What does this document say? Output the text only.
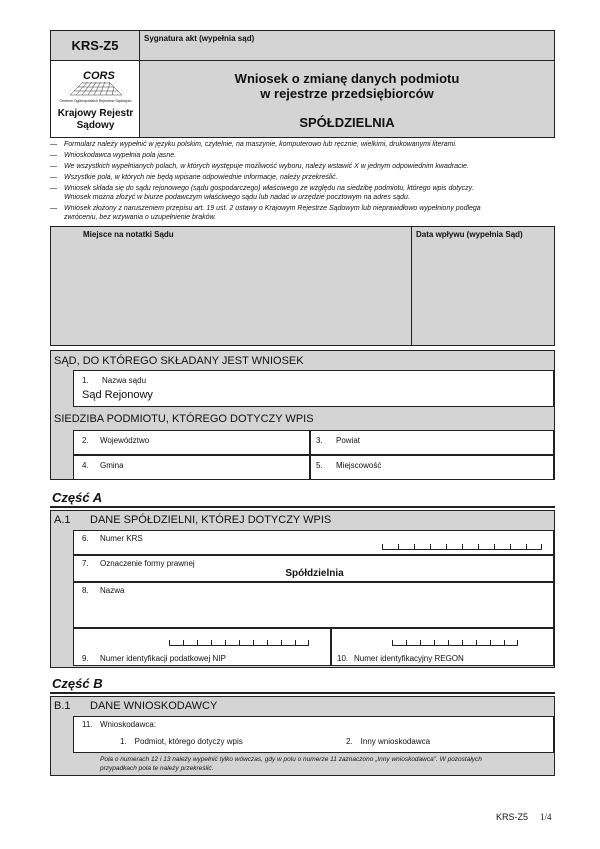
KRS-Z5	Sygnatura akt (wypełnia sąd)
CORS
Centrum Ogólnopolskich Rejestrów Sądowych
Krajowy Rejestr Sądowy
Wniosek o zmianę danych podmiotu
w rejestrze przedsiębiorców
SPÓŁDZIELNIA
—	Formularz należy wypełnić w języku polskim, czytelnie, na maszynie, komputerowo lub ręcznie, wielkimi, drukowanymi literami.
—	Wnioskodawca wypełnia pola jasne.
—	We wszystkich wypełnianych polach, w których występuje możliwość wyboru, należy wstawić X w jednym odpowiednim kwadracie.
—	Wszystkie pola, w których nie będą wpisane odpowiednie informacje, należy przekreślić.
—	Wniosek składa się do sądu rejonowego (sądu gospodarczego) właściwego ze względu na siedzibę podmiotu, którego wpis dotyczy.
Wniosek można złożyć w biurze podawczym właściwego sądu lub nadać w urzędzie pocztowym na adres sądu.
—	Wniosek złożony z naruszeniem przepisu art. 19 ust. 2 ustawy o Krajowym Rejestrze Sądowym lub nieprawidłowo wypełniony podlega
zwróceniu, bez wzywania o uzupełnienie braków.
Miejsce na notatki Sądu	Data wpływu (wypełnia Sąd)
SĄD, DO KTÓREGO SKŁADANY JEST WNIOSEK
1. Nazwa sądu
Sąd Rejonowy
SIEDZIBA PODMIOTU, KTÓREGO DOTYCZY WPIS
2. Województwo	3. Powiat
4. Gmina	5. Miejscowość
Część A
A.1 DANE SPÓŁDZIELNI, KTÓREJ DOTYCZY WPIS
6. Numer KRS
7. Oznaczenie formy prawnej
Spółdzielnia
8. Nazwa
9. Numer identyfikacji podatkowej NIP	10. Numer identyfikacyjny REGON
Część B
B.1 DANE WNIOSKODAWCY
11. Wnioskodawca:
1. Podmiot, którego dotyczy wpis	2. Inny wnioskodawca
Pola o numerach 12 i 13 należy wypełnić tylko wówczas, gdy w polu o numerze 11 zaznaczono „Inny wnioskodawca". W pozostałych
przypadkach pola te należy przekreślić.
KRS-Z5 1/4
